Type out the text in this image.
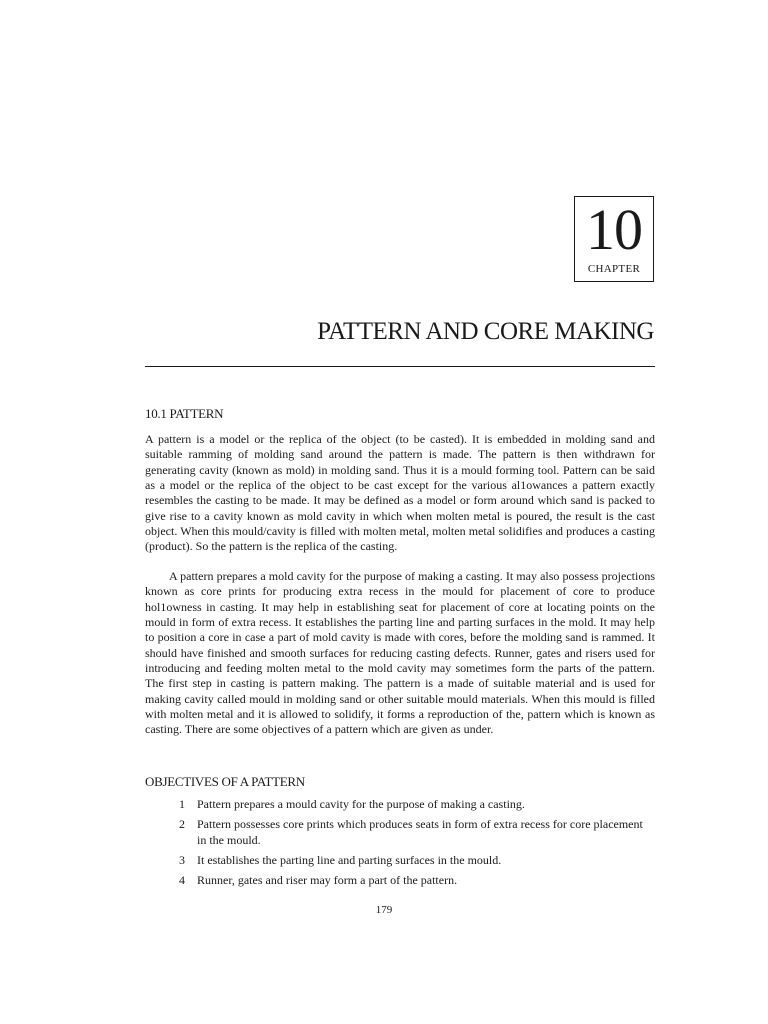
10
CHAPTER
PATTERN AND CORE MAKING
10.1 PATTERN

A pattern is a model or the replica of the object (to be casted). It is embedded in molding sand and suitable ramming of molding sand around the pattern is made. The pattern is then withdrawn for generating cavity (known as mold) in molding sand. Thus it is a mould forming tool. Pattern can be said as a model or the replica of the object to be cast except for the various al1owances a pattern exactly resembles the casting to be made. It may be defined as a model or form around which sand is packed to give rise to a cavity known as mold cavity in which when molten metal is poured, the result is the cast object. When this mould/cavity is filled with molten metal, molten metal solidifies and produces a casting (product). So the pattern is the replica of the casting.

A pattern prepares a mold cavity for the purpose of making a casting. It may also possess projections known as core prints for producing extra recess in the mould for placement of core to produce hol1owness in casting. It may help in establishing seat for placement of core at locating points on the mould in form of extra recess. It establishes the parting line and parting surfaces in the mold. It may help to position a core in case a part of mold cavity is made with cores, before the molding sand is rammed. It should have finished and smooth surfaces for reducing casting defects. Runner, gates and risers used for introducing and feeding molten metal to the mold cavity may sometimes form the parts of the pattern. The first step in casting is pattern making. The pattern is a made of suitable material and is used for making cavity called mould in molding sand or other suitable mould materials. When this mould is filled with molten metal and it is allowed to solidify, it forms a reproduction of the, pattern which is known as casting. There are some objectives of a pattern which are given as under.

OBJECTIVES OF A PATTERN
1 Pattern prepares a mould cavity for the purpose of making a casting.
2 Pattern possesses core prints which produces seats in form of extra recess for core placement in the mould.
3 It establishes the parting line and parting surfaces in the mould.
4 Runner, gates and riser may form a part of the pattern.
179
